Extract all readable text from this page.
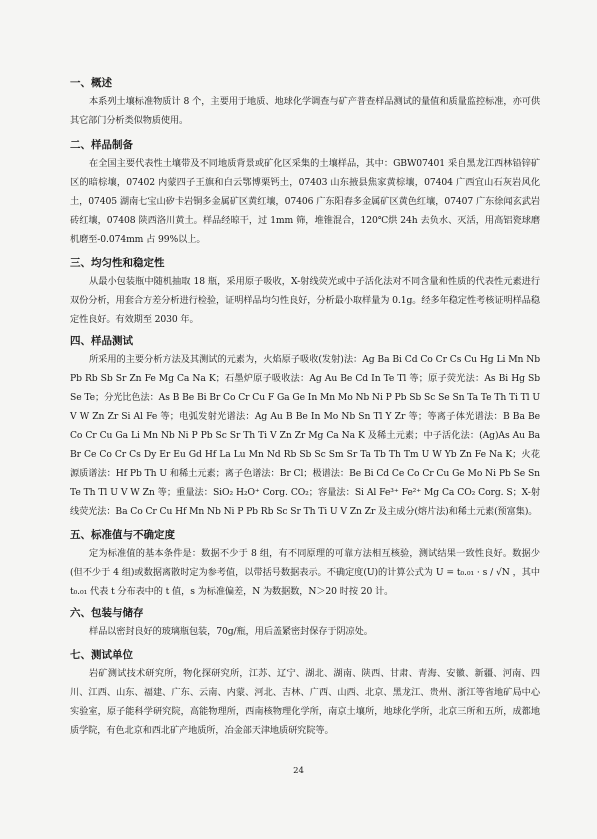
一、概述

本系列土壤标准物质计 8 个，主要用于地质、地球化学调查与矿产普查样品测试的量值和质量监控标准，亦可供其它部门分析类似物质使用。

二、样品制备

在全国主要代表性土壤带及不同地质背景或矿化区采集的土壤样品，其中：GBW07401 采自黑龙江西林铅锌矿区的暗棕壤，07402 内蒙四子王旗和白云鄂博栗钙土，07403 山东掖县焦家黄棕壤，07404 广西宜山石灰岩风化土，07405 湖南七宝山矽卡岩铜多金属矿区黄红壤，07406 广东阳春多金属矿区黄色红壤，07407 广东徐闻玄武岩砖红壤，07408 陕西洛川黄土。样品经晾干，过 1mm 筛，堆锥混合，120℃烘 24h 去负水、灭活，用高铝瓷球磨机磨至-0.074mm 占 99%以上。

三、均匀性和稳定性

从最小包装瓶中随机抽取 18 瓶，采用原子吸收，X-射线荧光或中子活化法对不同含量和性质的代表性元素进行双份分析，用套合方差分析进行检验，证明样品均匀性良好，分析最小取样量为 0.1g。经多年稳定性考核证明样品稳定性良好。有效期至 2030 年。

四、样品测试

所采用的主要分析方法及其测试的元素为，火焰原子吸收(发射)法：Ag Ba Bi Cd Co Cr Cs Cu Hg Li Mn Nb Pb Rb Sb Sr Zn Fe Mg Ca Na K；石墨炉原子吸收法：Ag Au Be Cd In Te Tl 等；原子荧光法：As Bi Hg Sb Se Te；分光比色法：As B Be Bi Br Co Cr Cu F Ga Ge In Mn Mo Nb Ni P Pb Sb Sc Se Sn Ta Te Th Ti Tl U V W Zn Zr Si Al Fe 等；电弧发射光谱法：Ag Au B Be In Mo Nb Sn Tl Y Zr 等；等离子体光谱法：B Ba Be Co Cr Cu Ga Li Mn Nb Ni P Pb Sc Sr Th Ti V Zn Zr Mg Ca Na K 及稀土元素；中子活化法：(Ag)As Au Ba Br Ce Co Cr Cs Dy Er Eu Gd Hf La Lu Mn Nd Rb Sb Sc Sm Sr Ta Tb Th Tm U W Yb Zn Fe Na K；火花源质谱法：Hf Pb Th U 和稀土元素；离子色谱法：Br Cl；极谱法：Be Bi Cd Ce Co Cr Cu Ge Mo Ni Pb Se Sn Te Th Tl U V W Zn 等；重量法：SiO₂ H₂O⁺ Corg. CO₂；容量法：Si Al Fe³⁺ Fe²⁺ Mg Ca CO₂ Corg. S；X-射线荧光法：Ba Co Cr Cu Hf Mn Nb Ni P Pb Rb Sc Sr Th Ti U V Zn Zr 及主成分(熔片法)和稀土元素(预富集)。

五、标准值与不确定度

定为标准值的基本条件是：数据不少于 8 组，有不同原理的可靠方法相互核验，测试结果一致性良好。数据少(但不少于 4 组)或数据离散时定为参考值，以带括号数据表示。不确定度(U)的计算公式为 U = t₀.₀₁ · s / √N ，其中 t₀.₀₁ 代表 t 分布表中的 t 值，s 为标准偏差，N 为数据数，N＞20 时按 20 计。

六、包装与储存

样品以密封良好的玻璃瓶包装，70g/瓶，用后盖紧密封保存于阴凉处。

七、测试单位

岩矿测试技术研究所，物化探研究所，江苏、辽宁、湖北、湖南、陕西、甘肃、青海、安徽、新疆、河南、四川、江西、山东、福建、广东、云南、内蒙、河北、吉林、广西、山西、北京、黑龙江、贵州、浙江等省地矿局中心实验室，原子能科学研究院，高能物理所，西南核物理化学所，南京土壤所，地球化学所，北京三所和五所，成都地质学院，有色北京和西北矿产地质所，冶金部天津地质研究院等。

24
